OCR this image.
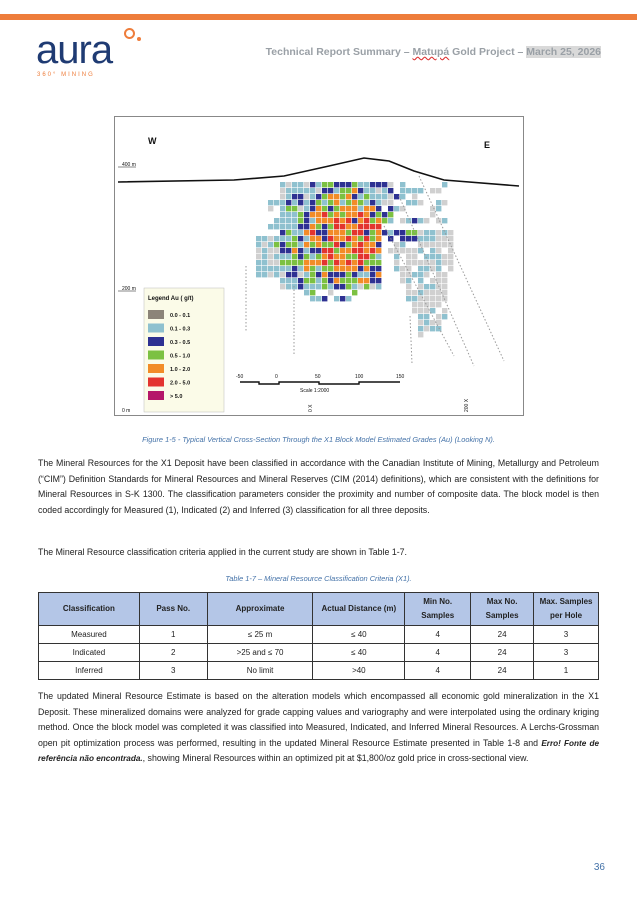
aura
360° MINING
Technical Report Summary – Matupá Gold Project – March 25, 2026
W	E
400 m
200 m
0 m
Legend Au ( g/t)
0.0 - 0.1
0.1 - 0.3
0.3 - 0.5
0.5 - 1.0
1.0 - 2.0
2.0 - 5.0
> 5.0
-50	0	50	100	150
Scale 1:2000
0 X	200 X
Figure 1-5 - Typical Vertical Cross-Section Through the X1 Block Model Estimated Grades (Au) (Looking N).
The Mineral Resources for the X1 Deposit have been classified in accordance with the Canadian Institute of Mining, Metallurgy and Petroleum (“CIM”) Definition Standards for Mineral Resources and Mineral Reserves (CIM (2014) definitions), which are consistent with the definitions for Mineral Resources in S-K 1300. The classification parameters consider the proximity and number of composite data. The block model is then coded accordingly for Measured (1), Indicated (2) and Inferred (3) classification for all three deposits.
The Mineral Resource classification criteria applied in the current study are shown in Table 1-7.
Table 1-7 – Mineral Resource Classification Criteria (X1).
Classification	Pass No.	Approximate	Actual Distance (m)	Min No. Samples	Max No. Samples	Max. Samples per Hole
Measured	1	≤ 25 m	≤ 40	4	24	3
Indicated	2	>25 and ≤ 70	≤ 40	4	24	3
Inferred	3	No limit	>40	4	24	1
The updated Mineral Resource Estimate is based on the alteration models which encompassed all economic gold mineralization in the X1 Deposit. These mineralized domains were analyzed for grade capping values and variography and were interpolated using the ordinary kriging method. Once the block model was completed it was classified into Measured, Indicated, and Inferred Mineral Resources. A Lerchs-Grossman open pit optimization process was performed, resulting in the updated Mineral Resource Estimate presented in Table 1-8 and Erro! Fonte de referência não encontrada., showing Mineral Resources within an optimized pit at $1,800/oz gold price in cross-sectional view.
36
